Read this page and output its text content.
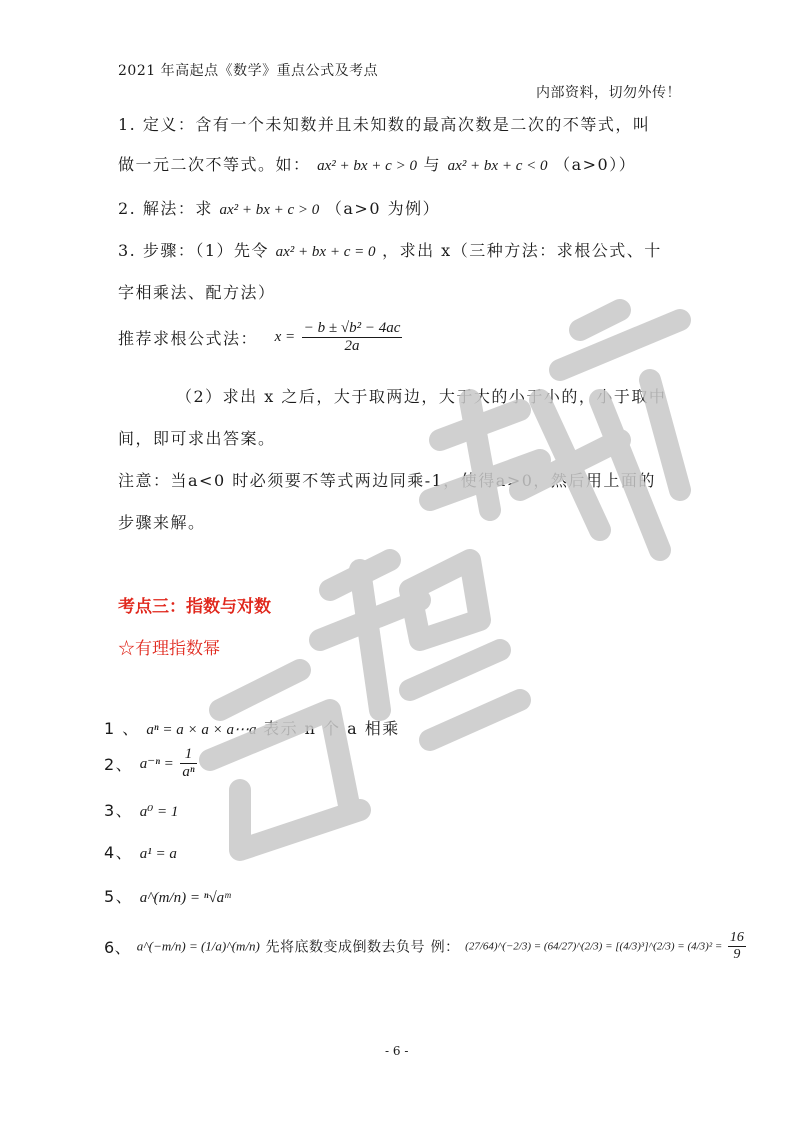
2021 年高起点《数学》重点公式及考点
内部资料，切勿外传！
1. 定义：含有一个未知数并且未知数的最高次数是二次的不等式，叫
做一元二次不等式。如： ax² + bx + c > 0 与 ax² + bx + c < 0 （a>0））
2. 解法：求 ax² + bx + c > 0 （a>0 为例）
3. 步骤：（1）先令 ax² + bx + c = 0 ，求出 x（三种方法：求根公式、十
字相乘法、配方法）
推荐求根公式法： $x = \frac{\text{− b ± √b² − 4ac}}{2a}$
（2）求出 x 之后，大于取两边，大于大的小于小的，小于取中
间，即可求出答案。
注意：当a<0 时必须要不等式两边同乘-1，使得a>0，然后用上面的
步骤来解。
考点三：指数与对数
☆有理指数幂
1 、 aⁿ = a × a × a⋯a 表示 n 个 a 相乘
2、 $a^{-n} = \frac{1}{\text{aⁿ}}$
3、 a⁰ = 1
4、 a¹ = a
5、 a^(m/n) = ⁿ√aᵐ
6、 a^(−m/n) = (1/a)^(m/n) 先将底数变成倒数去负号 例： (27/64)^(−2/3) = (64/27)^(2/3) = [(4/3)³]^(2/3) = $(4/3)^2 = \frac{16}{9}$
- 6 -
